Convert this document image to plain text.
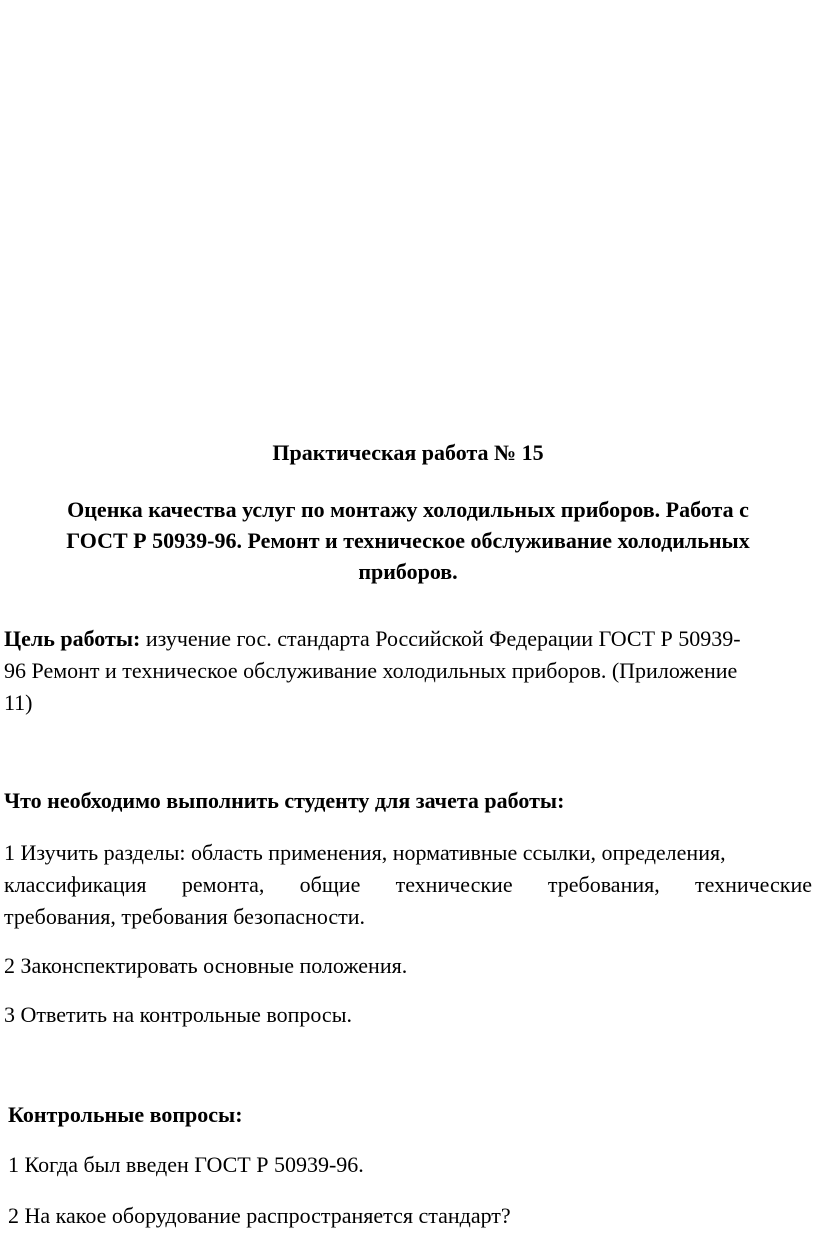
Практическая работа № 15
Оценка качества услуг по монтажу холодильных приборов. Работа с
ГОСТ Р 50939-96. Ремонт и техническое обслуживание холодильных
приборов.
Цель работы: изучение гос. стандарта Российской Федерации ГОСТ Р 50939-
96 Ремонт и техническое обслуживание холодильных приборов. (Приложение
11)
Что необходимо выполнить студенту для зачета работы:
1 Изучить разделы: область применения, нормативные ссылки, определения,
классификация ремонта, общие технические требования, технические
требования, требования безопасности.
2 Законспектировать основные положения.
3 Ответить на контрольные вопросы.
Контрольные вопросы:
1 Когда был введен ГОСТ Р 50939-96.
2 На какое оборудование распространяется стандарт?
